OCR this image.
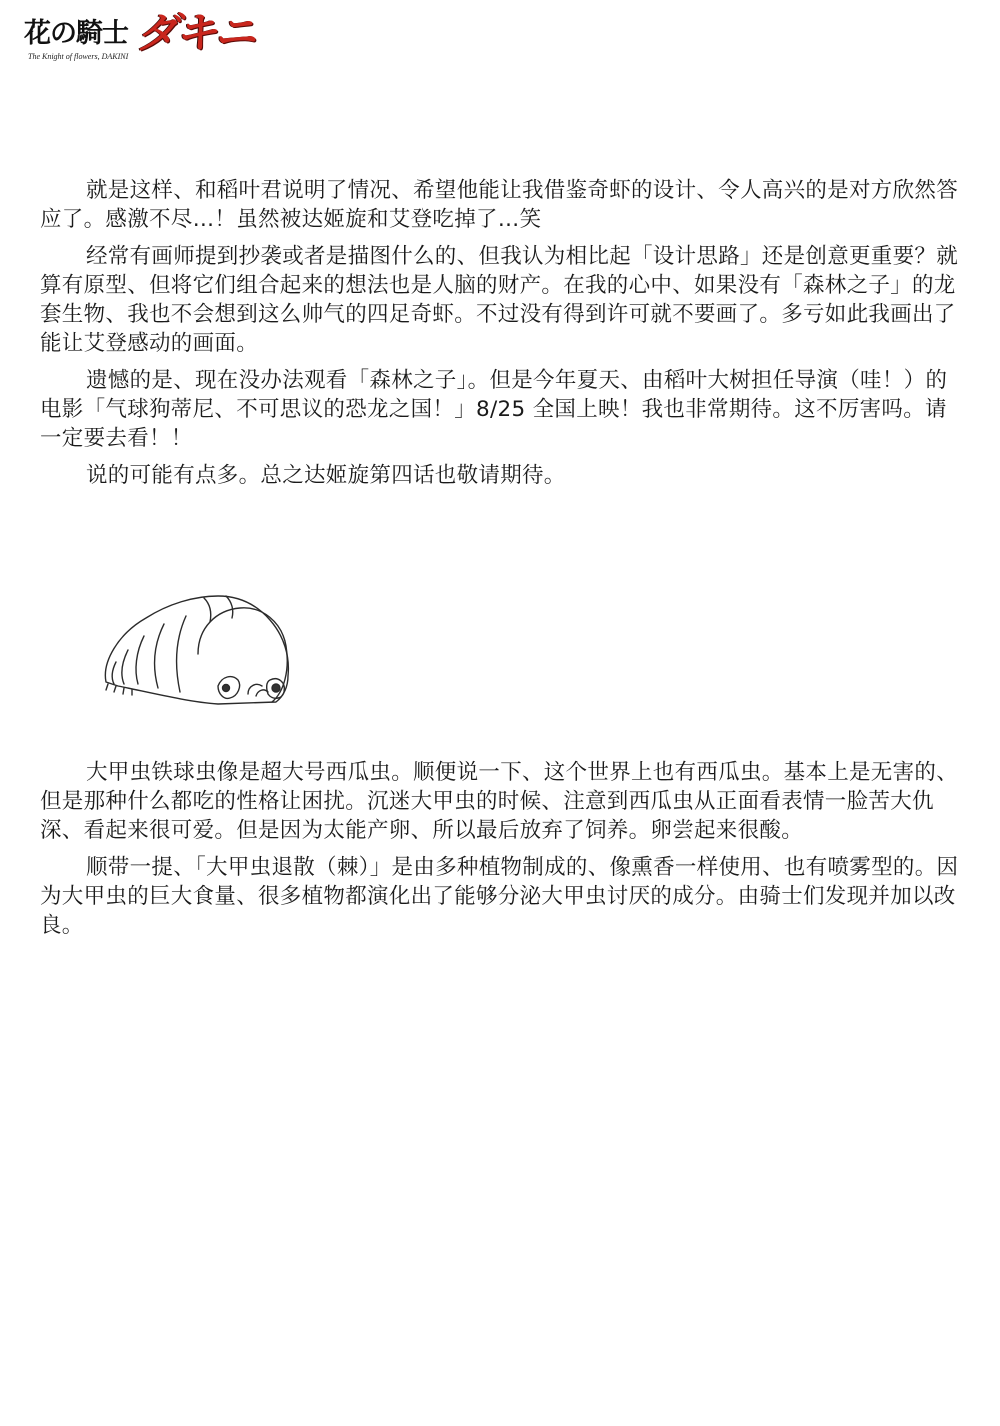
花の騎士 ダキニ
The Knight of flowers, DAKINI

就是这样、和稻叶君说明了情况、希望他能让我借鉴奇虾的设计、令人高兴的是对方欣然答应了。感激不尽…！虽然被达姬旋和艾登吃掉了…笑

经常有画师提到抄袭或者是描图什么的、但我认为相比起「设计思路」还是创意更重要？就算有原型、但将它们组合起来的想法也是人脑的财产。在我的心中、如果没有「森林之子」的龙套生物、我也不会想到这么帅气的四足奇虾。不过没有得到许可就不要画了。多亏如此我画出了能让艾登感动的画面。

遗憾的是、现在没办法观看「森林之子」。但是今年夏天、由稻叶大树担任导演（哇！）的电影「气球狗蒂尼、不可思议的恐龙之国！」8/25 全国上映！我也非常期待。这不厉害吗。请一定要去看！！

说的可能有点多。总之达姬旋第四话也敬请期待。

大甲虫铁球虫像是超大号西瓜虫。顺便说一下、这个世界上也有西瓜虫。基本上是无害的、但是那种什么都吃的性格让困扰。沉迷大甲虫的时候、注意到西瓜虫从正面看表情一脸苦大仇深、看起来很可爱。但是因为太能产卵、所以最后放弃了饲养。卵尝起来很酸。

顺带一提、「大甲虫退散（棘）」是由多种植物制成的、像熏香一样使用、也有喷雾型的。因为大甲虫的巨大食量、很多植物都演化出了能够分泌大甲虫讨厌的成分。由骑士们发现并加以改良。
